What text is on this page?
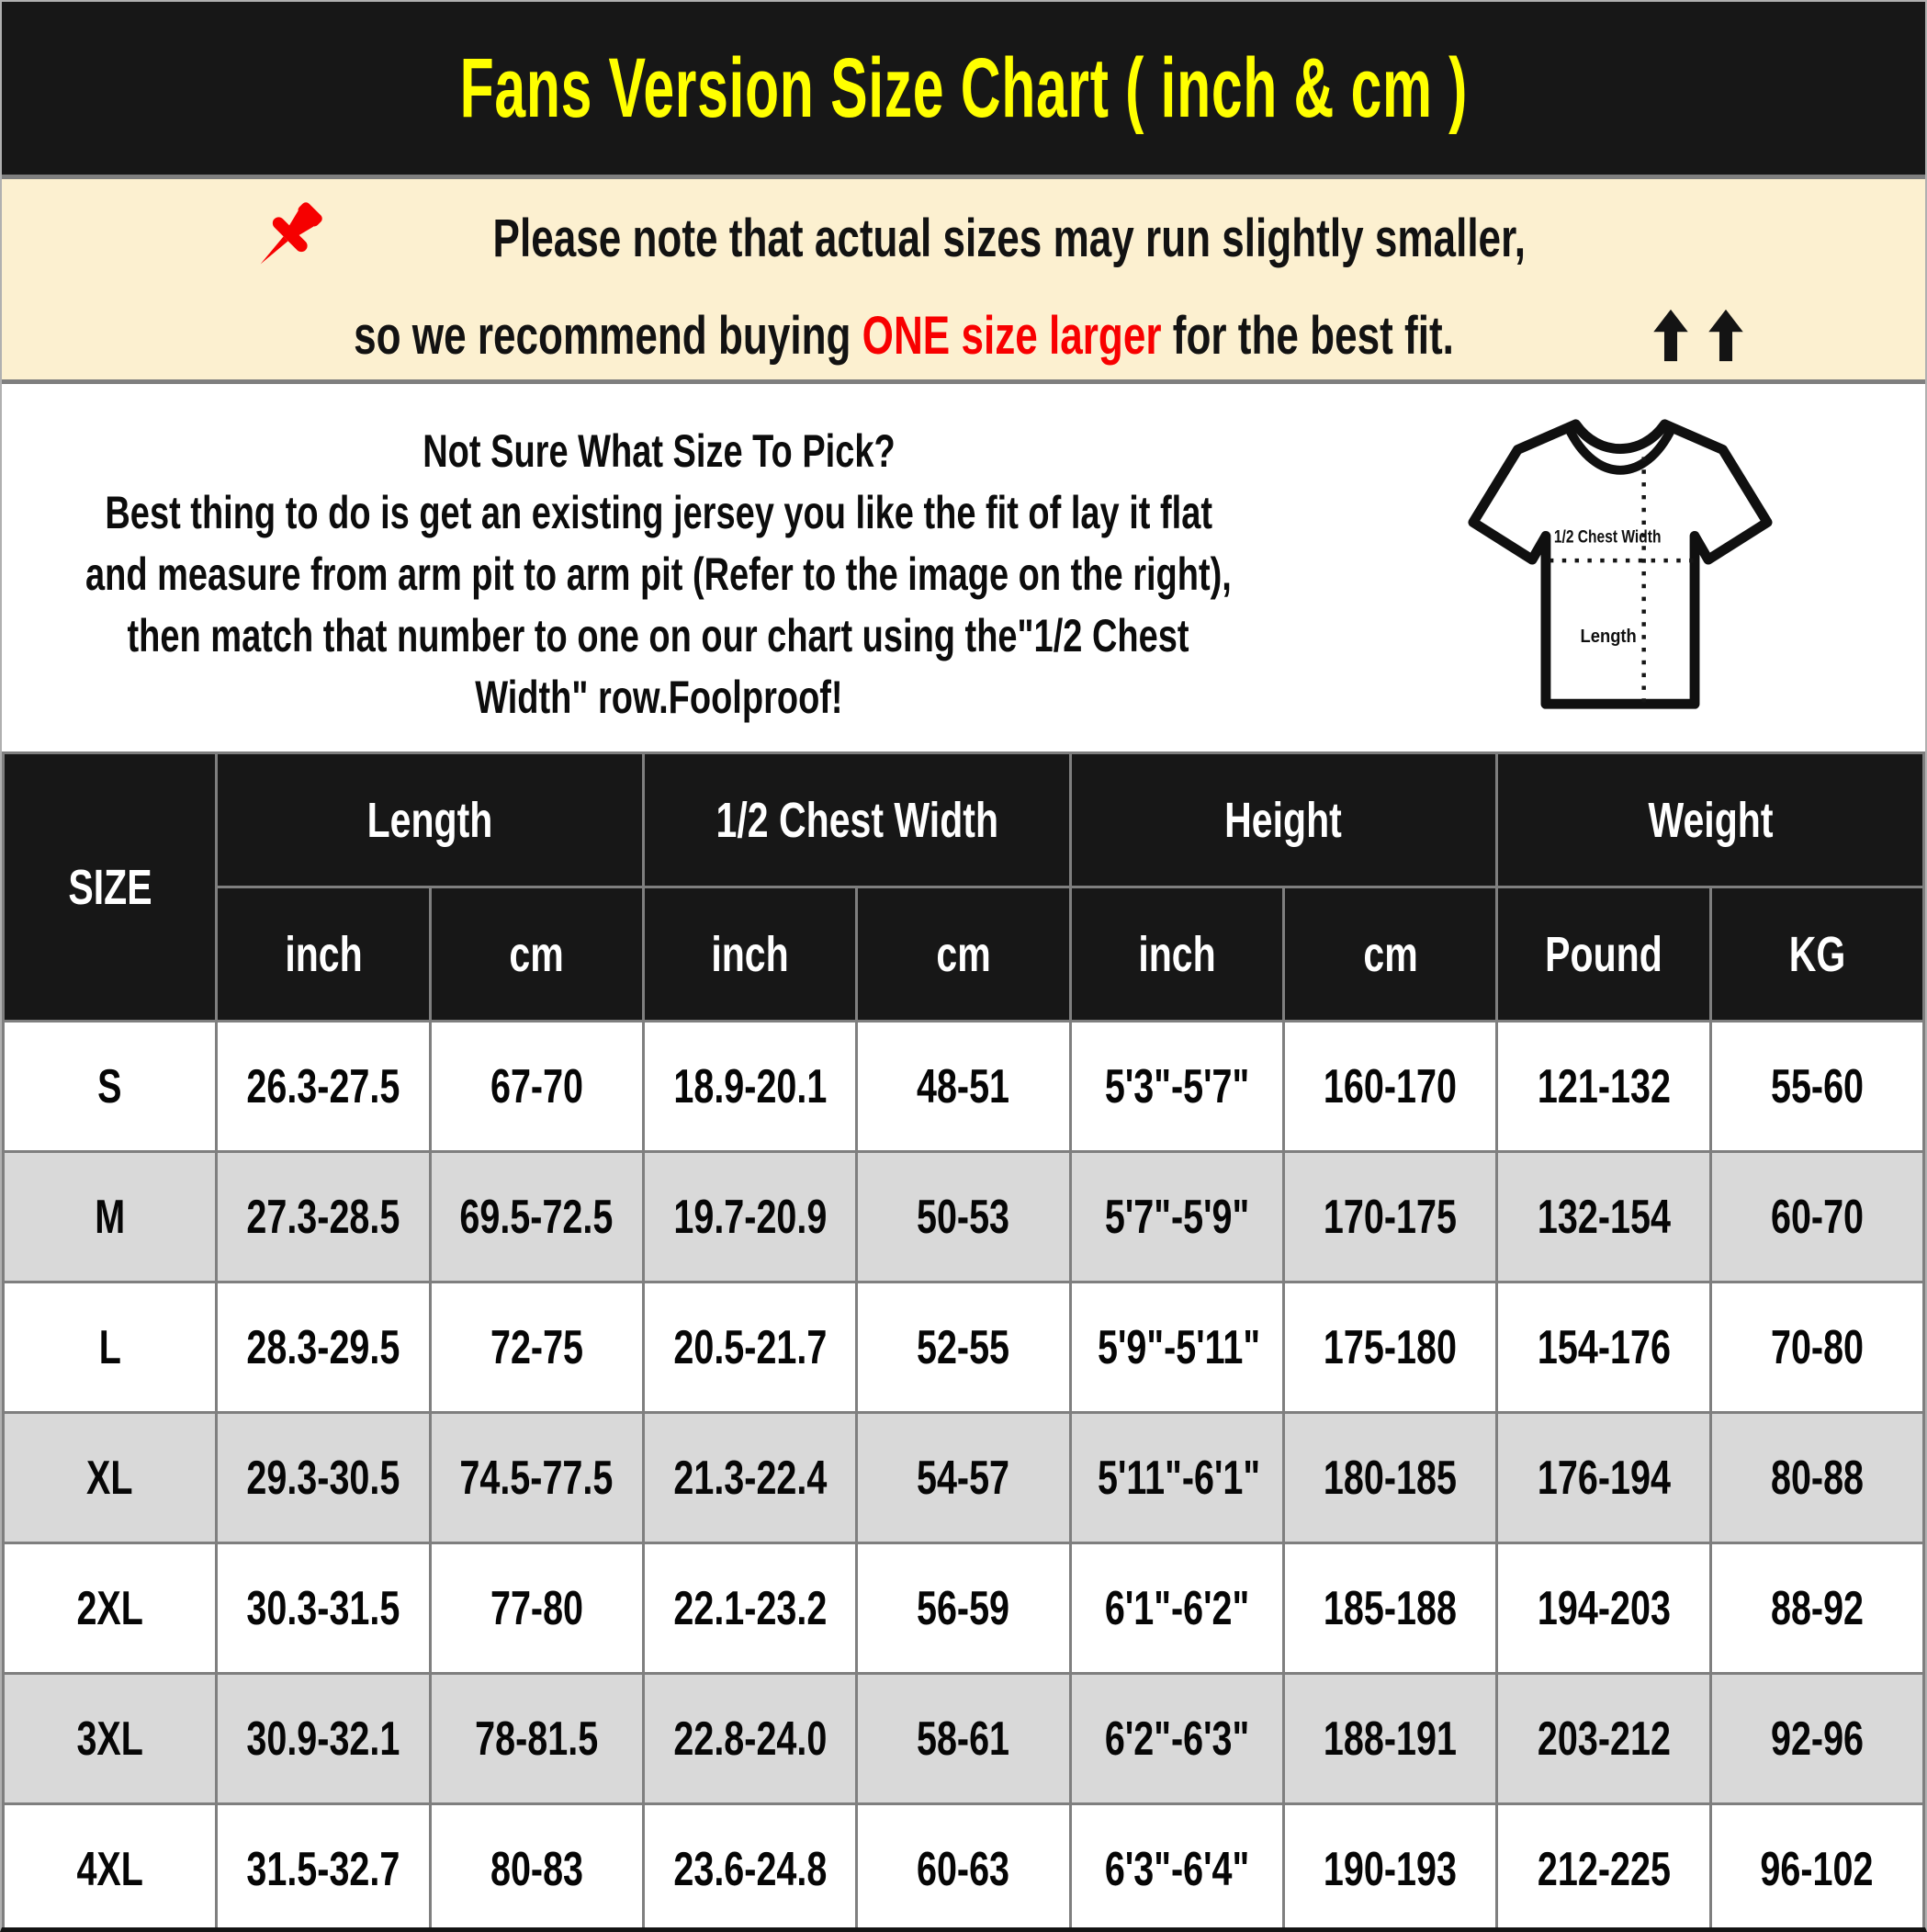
Fans Version Size Chart ( inch & cm )
Please note that actual sizes may run slightly smaller,
so we recommend buying ONE size larger for the best fit.
Not Sure What Size To Pick?
Best thing to do is get an existing jersey you like the fit of lay it flat
and measure from arm pit to arm pit (Refer to the image on the right),
then match that number to one on our chart using the"1/2 Chest
Width" row.Foolproof!
1/2 Chest Width
Length
SIZE	Length		1/2 Chest Width		Height		Weight	
	inch	cm	inch	cm	inch	cm	Pound	KG
S	26.3-27.5	67-70	18.9-20.1	48-51	5'3"-5'7"	160-170	121-132	55-60
M	27.3-28.5	69.5-72.5	19.7-20.9	50-53	5'7"-5'9"	170-175	132-154	60-70
L	28.3-29.5	72-75	20.5-21.7	52-55	5'9"-5'11"	175-180	154-176	70-80
XL	29.3-30.5	74.5-77.5	21.3-22.4	54-57	5'11"-6'1"	180-185	176-194	80-88
2XL	30.3-31.5	77-80	22.1-23.2	56-59	6'1"-6'2"	185-188	194-203	88-92
3XL	30.9-32.1	78-81.5	22.8-24.0	58-61	6'2"-6'3"	188-191	203-212	92-96
4XL	31.5-32.7	80-83	23.6-24.8	60-63	6'3"-6'4"	190-193	212-225	96-102
